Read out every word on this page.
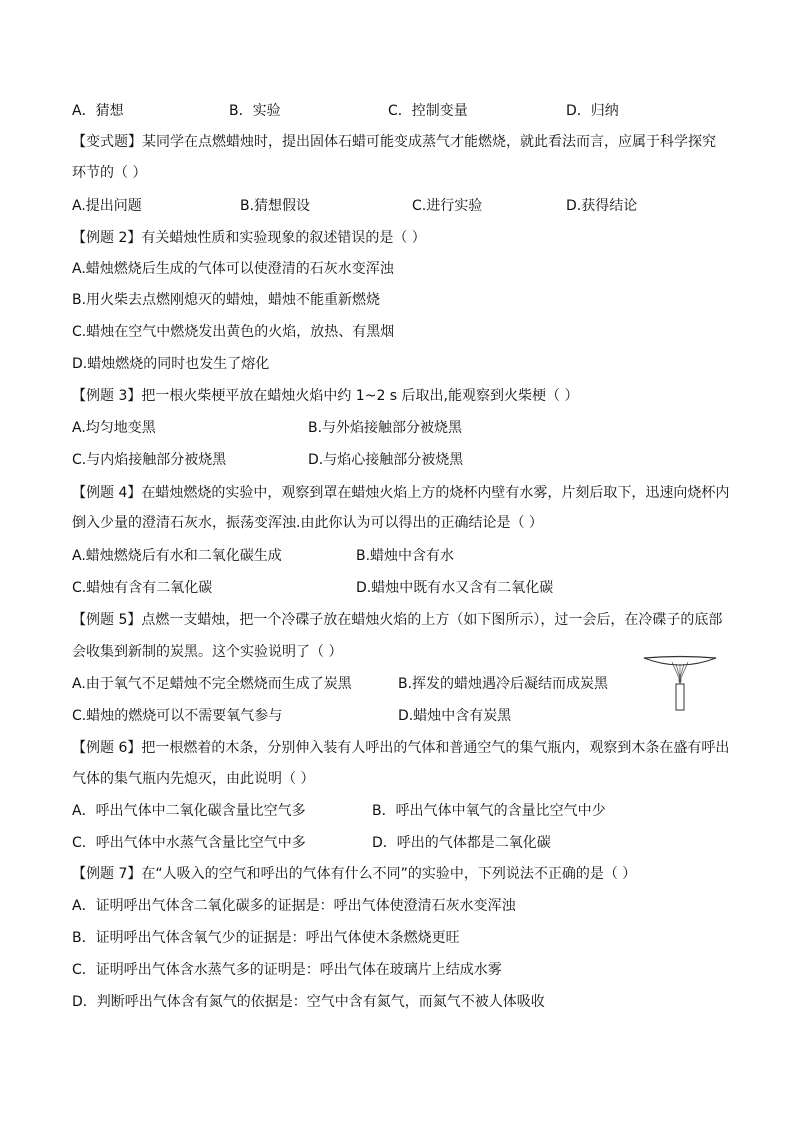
A．猜想	B．实验	C．控制变量	D．归纳
【变式题】某同学在点燃蜡烛时，提出固体石蜡可能变成蒸气才能燃烧，就此看法而言，应属于科学探究
环节的（ ）
A.提出问题	B.猜想假设	C.进行实验	D.获得结论
【例题 2】有关蜡烛性质和实验现象的叙述错误的是（ ）
A.蜡烛燃烧后生成的气体可以使澄清的石灰水变浑浊
B.用火柴去点燃刚熄灭的蜡烛，蜡烛不能重新燃烧
C.蜡烛在空气中燃烧发出黄色的火焰，放热、有黑烟
D.蜡烛燃烧的同时也发生了熔化
【例题 3】把一根火柴梗平放在蜡烛火焰中约 1~2 s 后取出,能观察到火柴梗（ ）
A.均匀地变黑	B.与外焰接触部分被烧黑
C.与内焰接触部分被烧黑	D.与焰心接触部分被烧黑
【例题 4】在蜡烛燃烧的实验中，观察到罩在蜡烛火焰上方的烧杯内壁有水雾，片刻后取下，迅速向烧杯内
倒入少量的澄清石灰水，振荡变浑浊.由此你认为可以得出的正确结论是（ ）
A.蜡烛燃烧后有水和二氧化碳生成	B.蜡烛中含有水
C.蜡烛有含有二氧化碳	D.蜡烛中既有水又含有二氧化碳
【例题 5】点燃一支蜡烛，把一个冷碟子放在蜡烛火焰的上方（如下图所示），过一会后，在冷碟子的底部
会收集到新制的炭黑。这个实验说明了（ ）
A.由于氧气不足蜡烛不完全燃烧而生成了炭黑	B.挥发的蜡烛遇冷后凝结而成炭黑
C.蜡烛的燃烧可以不需要氧气参与	D.蜡烛中含有炭黑
【例题 6】把一根燃着的木条，分别伸入装有人呼出的气体和普通空气的集气瓶内，观察到木条在盛有呼出
气体的集气瓶内先熄灭，由此说明（ ）
A．呼出气体中二氧化碳含量比空气多	B．呼出气体中氧气的含量比空气中少
C．呼出气体中水蒸气含量比空气中多	D．呼出的气体都是二氧化碳
【例题 7】在“人吸入的空气和呼出的气体有什么不同”的实验中，下列说法不正确的是（ ）
A．证明呼出气体含二氧化碳多的证据是：呼出气体使澄清石灰水变浑浊
B．证明呼出气体含氧气少的证据是：呼出气体使木条燃烧更旺
C．证明呼出气体含水蒸气多的证明是：呼出气体在玻璃片上结成水雾
D．判断呼出气体含有氮气的依据是：空气中含有氮气，而氮气不被人体吸收
